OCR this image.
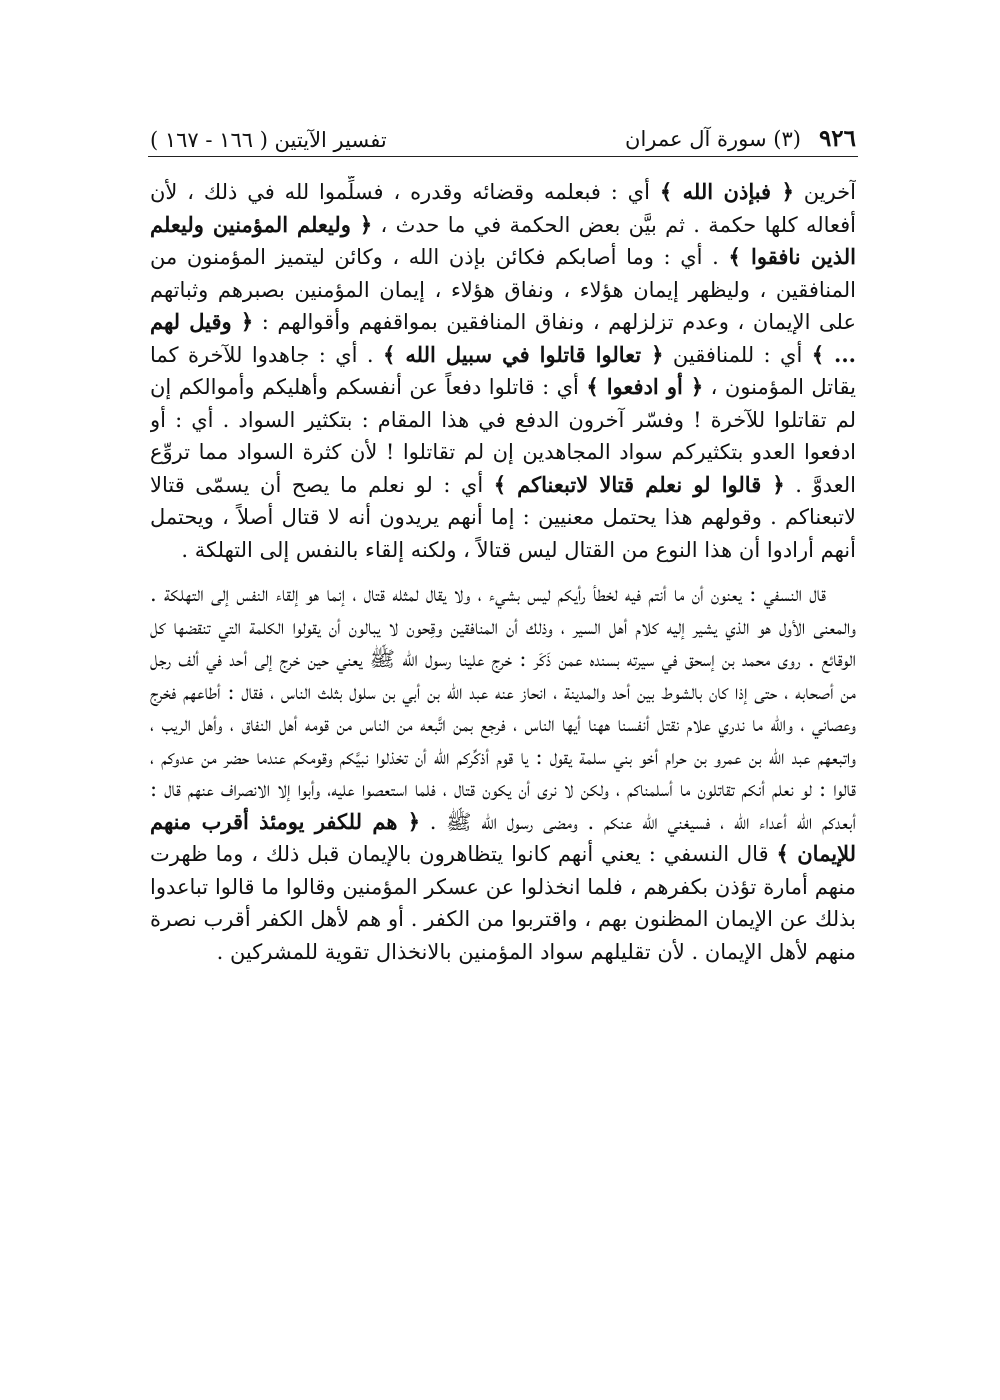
٩٢٦
(٣) سورة آل عمران
تفسير الآيتين ( ١٦٦ - ١٦٧ )

آخرين ﴿ فبإذن الله ﴾ أي : فبعلمه وقضائه وقدره ، فسلِّموا لله في ذلك ، لأن أفعاله كلها حكمة . ثم بيَّن بعض الحكمة في ما حدث ، ﴿ وليعلم المؤمنين وليعلم الذين نافقوا ﴾ . أي : وما أصابكم فكائن بإذن الله ، وكائن ليتميز المؤمنون من المنافقين ، وليظهر إيمان هؤلاء ، ونفاق هؤلاء ، إيمان المؤمنين بصبرهم وثباتهم على الإيمان ، وعدم تزلزلهم ، ونفاق المنافقين بمواقفهم وأقوالهم : ﴿ وقيل لهم ... ﴾ أي : للمنافقين ﴿ تعالوا قاتلوا في سبيل الله ﴾ . أي : جاهدوا للآخرة كما يقاتل المؤمنون ، ﴿ أو ادفعوا ﴾ أي : قاتلوا دفعاً عن أنفسكم وأهليكم وأموالكم إن لم تقاتلوا للآخرة ! وفسّر آخرون الدفع في هذا المقام : بتكثير السواد . أي : أو ادفعوا العدو بتكثيركم سواد المجاهدين إن لم تقاتلوا ! لأن كثرة السواد مما تروِّع العدوَّ . ﴿ قالوا لو نعلم قتالا لاتبعناكم ﴾ أي : لو نعلم ما يصح أن يسمّى قتالا لاتبعناكم . وقولهم هذا يحتمل معنيين : إما أنهم يريدون أنه لا قتال أصلاً ، ويحتمل أنهم أرادوا أن هذا النوع من القتال ليس قتالاً ، ولكنه إلقاء بالنفس إلى التهلكة .

قال النسفي : يعنون أن ما أنتم فيه لخطأ رأيكم ليس بشيء ، ولا يقال لمثله قتال ، إنما هو إلقاء النفس إلى التهلكة . والمعنى الأول هو الذي يشير إليه كلام أهل السير ، وذلك أن المنافقين وقِحون لا يبالون أن يقولوا الكلمة التي تنقضها كل الوقائع . روى محمد بن إسحق في سيرته بسنده عمن ذَكَر : خرج علينا رسول الله ﷺ يعني حين خرج إلى أحد في ألف رجل من أصحابه ، حتى إذا كان بالشوط بين أحد والمدينة ، انحاز عنه عبد الله بن أبي بن سلول بثلث الناس ، فقال : أطاعهم فخرج وعصاني ، والله ما ندري علام نقتل أنفسنا ههنا أيها الناس ، فرجع بمن اتَّبعه من الناس من قومه أهل النفاق ، وأهل الريب ، واتبعهم عبد الله بن عمرو بن حرام أخو بني سلمة يقول : يا قوم أذكِّركم الله أن تخذلوا نبيَّكم وقومكم عندما حضر من عدوكم ، قالوا : لو نعلم أنكم تقاتلون ما أسلمناكم ، ولكن لا نرى أن يكون قتال ، فلما استعصوا عليه، وأبوا إلا الانصراف عنهم قال : أبعدكم الله أعداء الله ، فسيغني الله عنكم . ومضى رسول الله ﷺ . ﴿ هم للكفر يومئذ أقرب منهم للإيمان ﴾ قال النسفي : يعني أنهم كانوا يتظاهرون بالإيمان قبل ذلك ، وما ظهرت منهم أمارة تؤذن بكفرهم ، فلما انخذلوا عن عسكر المؤمنين وقالوا ما قالوا تباعدوا بذلك عن الإيمان المظنون بهم ، واقتربوا من الكفر . أو هم لأهل الكفر أقرب نصرة منهم لأهل الإيمان . لأن تقليلهم سواد المؤمنين بالانخذال تقوية للمشركين .
